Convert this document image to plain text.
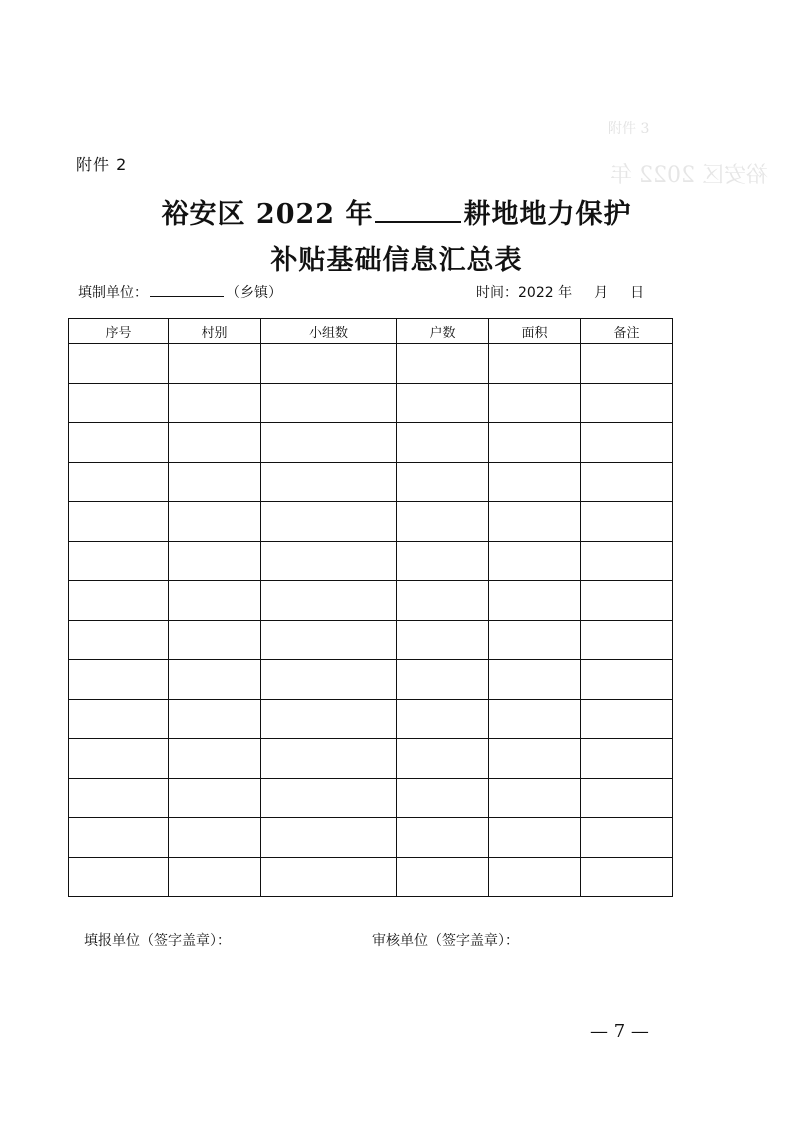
附件 3
裕安区 2022 年
附件 2
裕安区 2022 年	耕地地力保护
补贴基础信息汇总表
填制单位：	（乡镇）	时间：2022 年 月 日
序号	村别	小组数	户数	面积	备注

填报单位（签字盖章）：	审核单位（签字盖章）：
— 7 —
